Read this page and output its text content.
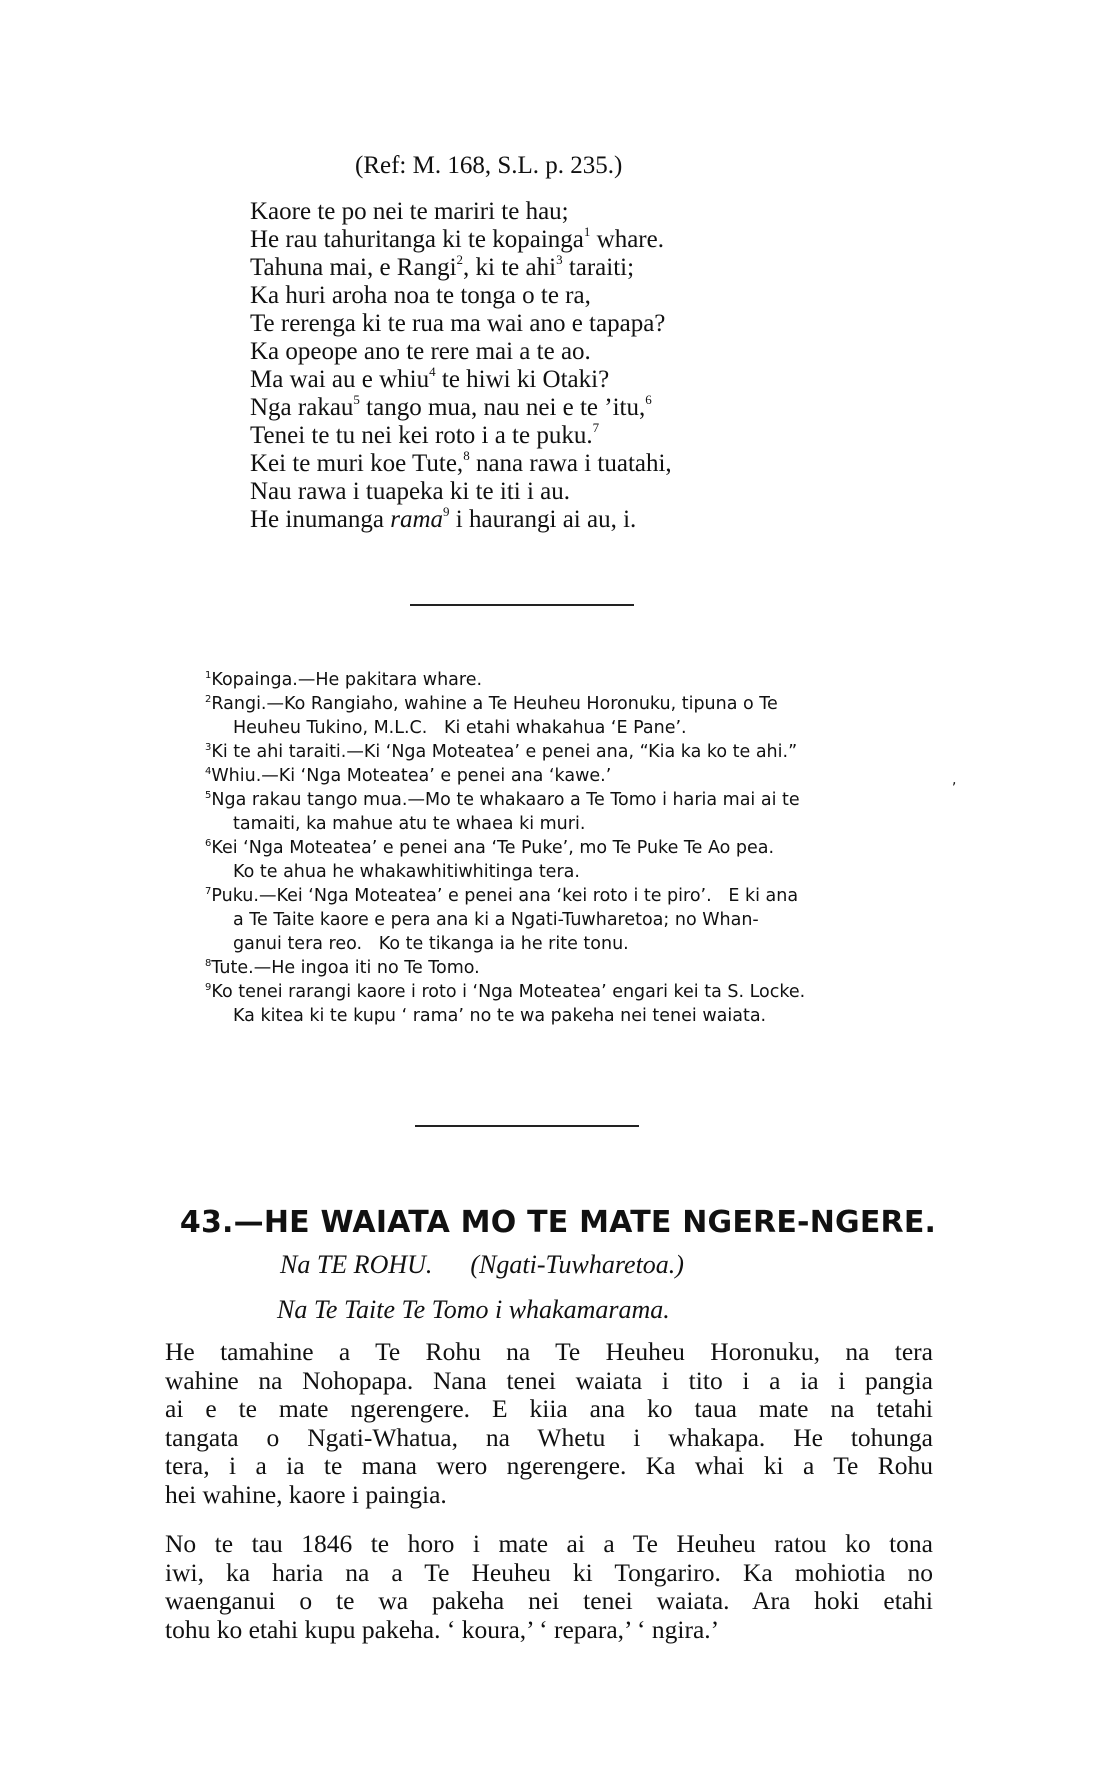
(Ref: M. 168, S.L. p. 235.)
Kaore te po nei te mariri te hau;
He rau tahuritanga ki te kopainga$^1$ whare.
Tahuna mai, e Rangi$^2$, ki te ahi$^3$ taraiti;
Ka huri aroha noa te tonga o te ra,
Te rerenga ki te rua ma wai ano e tapapa?
Ka opeope ano te rere mai a te ao.
Ma wai au e whiu$^4$ te hiwi ki Otaki?
Nga rakau$^5$ tango mua, nau nei e te ’itu,$^6$
Tenei te tu nei kei roto i a te puku.$^7$
Kei te muri koe Tute,$^8$ nana rawa i tuatahi,
Nau rawa i tuapeka ki te iti i au.
He inumanga rama$^9$ i haurangi ai au, i.
$^1$Kopainga.—He pakitara whare.
$^2$Rangi.—Ko Rangiaho, wahine a Te Heuheu Horonuku, tipuna o Te
Heuheu Tukino, M.L.C.   Ki etahi whakahua ‘E Pane’.
$^3$Ki te ahi taraiti.—Ki ‘Nga Moteatea’ e penei ana, “Kia ka ko te ahi.”
$^4$Whiu.—Ki ‘Nga Moteatea’ e penei ana ‘kawe.’
$^5$Nga rakau tango mua.—Mo te whakaaro a Te Tomo i haria mai ai te
tamaiti, ka mahue atu te whaea ki muri.
$^6$Kei ‘Nga Moteatea’ e penei ana ‘Te Puke’, mo Te Puke Te Ao pea.
Ko te ahua he whakawhitiwhitinga tera.
$^7$Puku.—Kei ‘Nga Moteatea’ e penei ana ‘kei roto i te piro’.   E ki ana
a Te Taite kaore e pera ana ki a Ngati-Tuwharetoa; no Whan-
ganui tera reo.   Ko te tikanga ia he rite tonu.
$^8$Tute.—He ingoa iti no Te Tomo.
$^9$Ko tenei rarangi kaore i roto i ‘Nga Moteatea’ engari kei ta S. Locke.
Ka kitea ki te kupu ‘ rama’ no te wa pakeha nei tenei waiata.
,
43.—HE WAIATA MO TE MATE NGERE-NGERE.
Na TE ROHU. (Ngati-Tuwharetoa.)
Na Te Taite Te Tomo i whakamarama.
He tamahine a Te Rohu na Te Heuheu Horonuku, na tera
wahine na Nohopapa. Nana tenei waiata i tito i a ia i pangia
ai e te mate ngerengere. E kiia ana ko taua mate na tetahi
tangata o Ngati-Whatua, na Whetu i whakapa. He tohunga
tera, i a ia te mana wero ngerengere. Ka whai ki a Te Rohu
hei wahine, kaore i paingia.
No te tau 1846 te horo i mate ai a Te Heuheu ratou ko tona
iwi, ka haria na a Te Heuheu ki Tongariro. Ka mohiotia no
waenganui o te wa pakeha nei tenei waiata. Ara hoki etahi
tohu ko etahi kupu pakeha. ‘ koura,’ ‘ repara,’ ‘ ngira.’
